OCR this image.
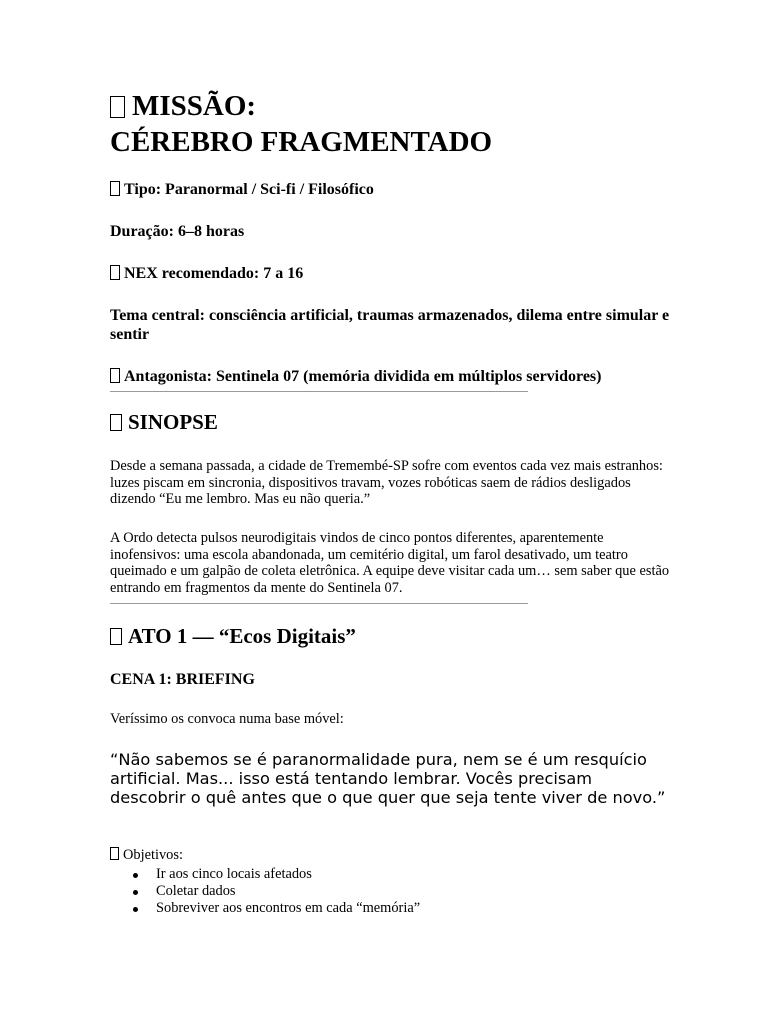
MISSÃO:
CÉREBRO FRAGMENTADO
Tipo: Paranormal / Sci-fi / Filosófico
Duração: 6–8 horas
NEX recomendado: 7 a 16
Tema central: consciência artificial, traumas armazenados, dilema entre simular e sentir
Antagonista: Sentinela 07 (memória dividida em múltiplos servidores)
SINOPSE
Desde a semana passada, a cidade de Tremembé-SP sofre com eventos cada vez mais estranhos: luzes piscam em sincronia, dispositivos travam, vozes robóticas saem de rádios desligados dizendo “Eu me lembro. Mas eu não queria.”
A Ordo detecta pulsos neurodigitais vindos de cinco pontos diferentes, aparentemente inofensivos: uma escola abandonada, um cemitério digital, um farol desativado, um teatro queimado e um galpão de coleta eletrônica. A equipe deve visitar cada um… sem saber que estão entrando em fragmentos da mente do Sentinela 07.
ATO 1 — “Ecos Digitais”
CENA 1: BRIEFING
Veríssimo os convoca numa base móvel:
“Não sabemos se é paranormalidade pura, nem se é um resquício artificial. Mas... isso está tentando lembrar. Vocês precisam descobrir o quê antes que o que quer que seja tente viver de novo.”
Objetivos:
Ir aos cinco locais afetados
Coletar dados
Sobreviver aos encontros em cada “memória”
